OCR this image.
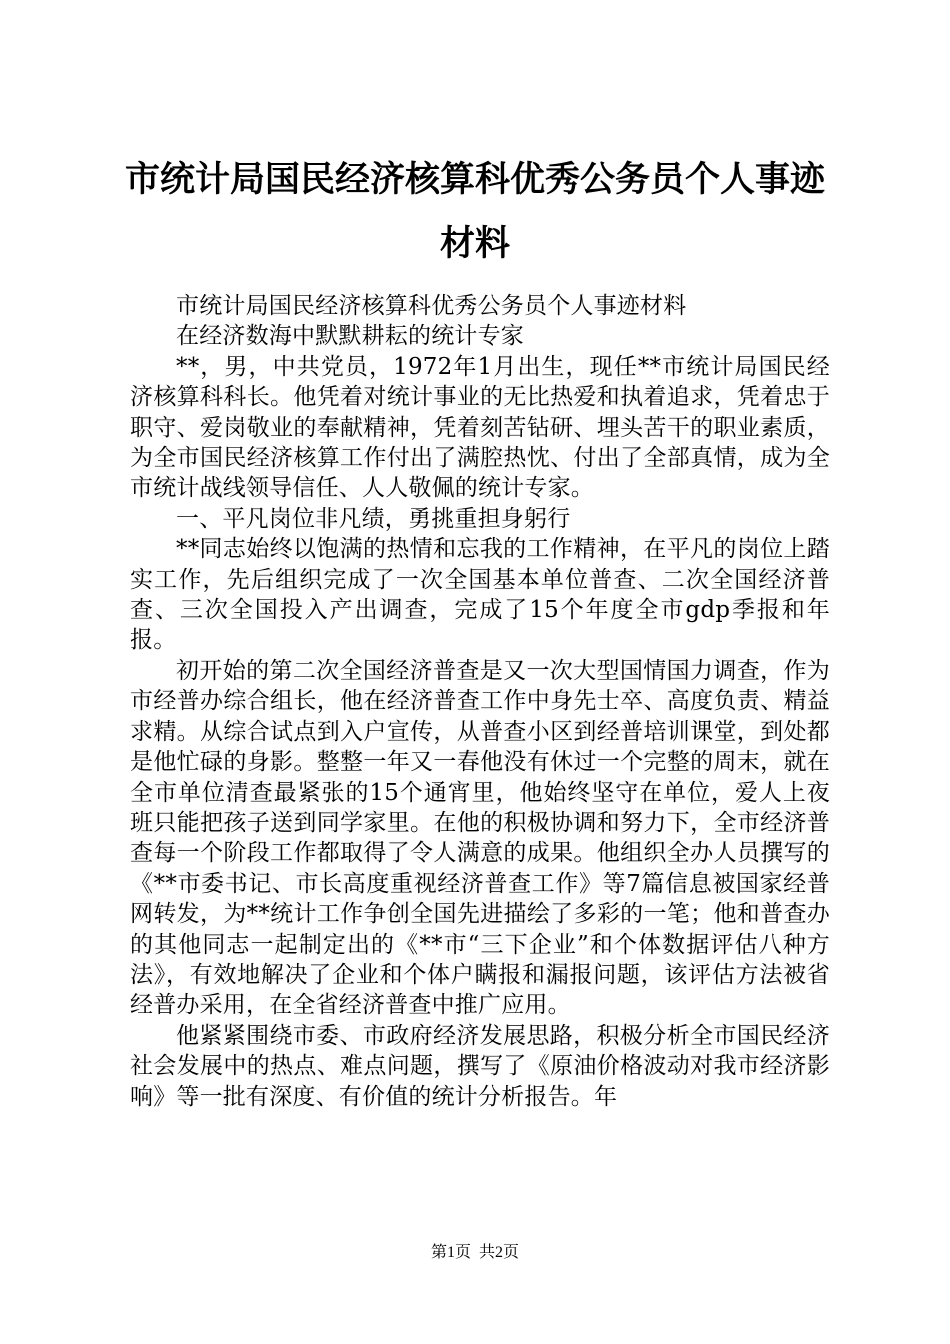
市统计局国民经济核算科优秀公务员个人事迹
材料

市统计局国民经济核算科优秀公务员个人事迹材料

在经济数海中默默耕耘的统计专家

**，男，中共党员，1972年1月出生，现任**市统计局国民经济核算科科长。他凭着对统计事业的无比热爱和执着追求，凭着忠于职守、爱岗敬业的奉献精神，凭着刻苦钻研、埋头苦干的职业素质，为全市国民经济核算工作付出了满腔热忱、付出了全部真情，成为全市统计战线领导信任、人人敬佩的统计专家。

一、平凡岗位非凡绩，勇挑重担身躬行

**同志始终以饱满的热情和忘我的工作精神，在平凡的岗位上踏实工作，先后组织完成了一次全国基本单位普查、二次全国经济普查、三次全国投入产出调查，完成了15个年度全市gdp季报和年报。

初开始的第二次全国经济普查是又一次大型国情国力调查，作为市经普办综合组长，他在经济普查工作中身先士卒、高度负责、精益求精。从综合试点到入户宣传，从普查小区到经普培训课堂，到处都是他忙碌的身影。整整一年又一春他没有休过一个完整的周末，就在全市单位清查最紧张的15个通宵里，他始终坚守在单位，爱人上夜班只能把孩子送到同学家里。在他的积极协调和努力下，全市经济普查每一个阶段工作都取得了令人满意的成果。他组织全办人员撰写的《**市委书记、市长高度重视经济普查工作》等7篇信息被国家经普网转发，为**统计工作争创全国先进描绘了多彩的一笔；他和普查办的其他同志一起制定出的《**市“三下企业”和个体数据评估八种方法》，有效地解决了企业和个体户瞒报和漏报问题，该评估方法被省经普办采用，在全省经济普查中推广应用。

他紧紧围绕市委、市政府经济发展思路，积极分析全市国民经济社会发展中的热点、难点问题，撰写了《原油价格波动对我市经济影响》等一批有深度、有价值的统计分析报告。年

第1页 共2页
